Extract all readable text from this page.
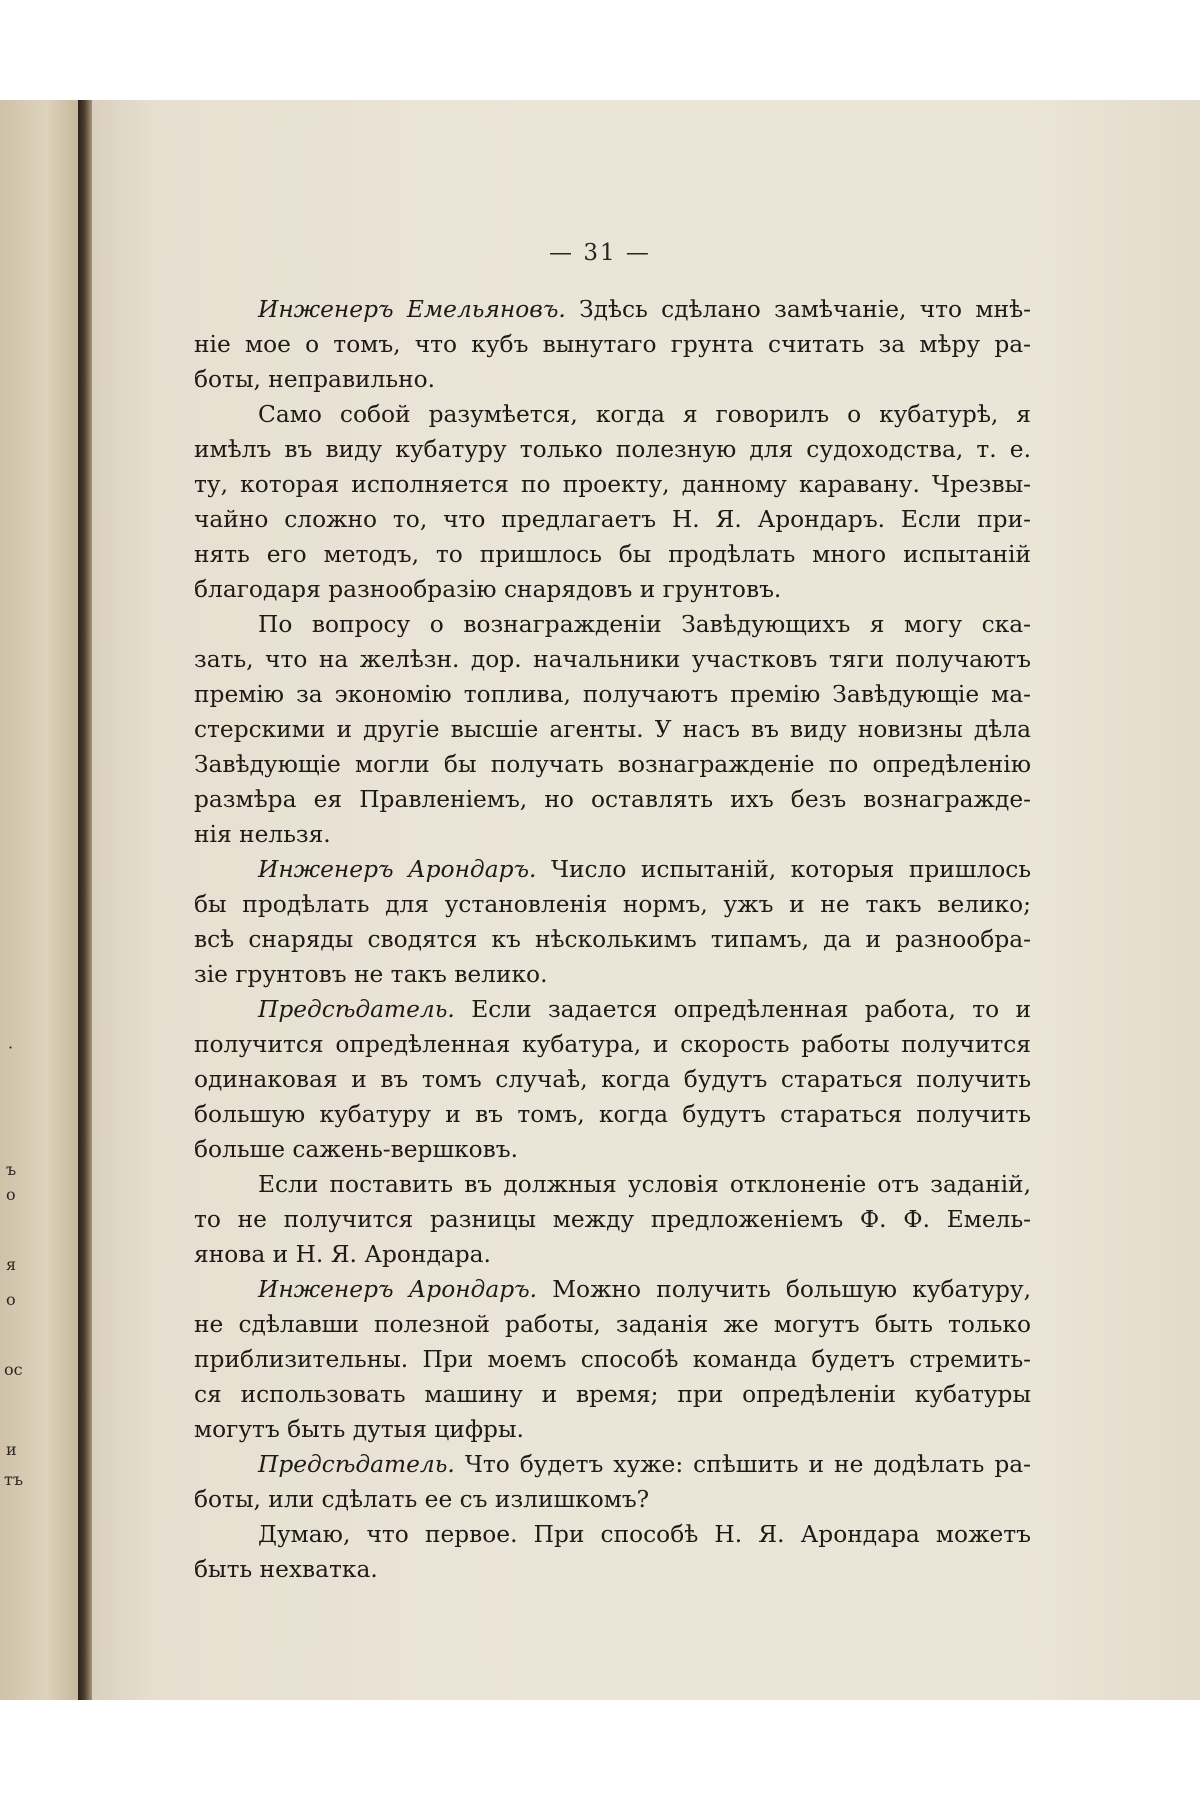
·
ъ
о
я
о
ос
и
тъ
— 31 —
Инженеръ Емельяновъ. Здѣсь сдѣлано замѣчаніе, что мнѣ-
ніе мое о томъ, что кубъ вынутаго грунта считать за мѣру ра-
боты, неправильно.
Само собой разумѣется, когда я говорилъ о кубатурѣ, я
имѣлъ въ виду кубатуру только полезную для судоходства, т. е.
ту, которая исполняется по проекту, данному каравану. Чрезвы-
чайно сложно то, что предлагаетъ Н. Я. Арондаръ. Если при-
нять его методъ, то пришлось бы продѣлать много испытаній
благодаря разнообразію снарядовъ и грунтовъ.
По вопросу о вознагражденіи Завѣдующихъ я могу ска-
зать, что на желѣзн. дор. начальники участковъ тяги получаютъ
премію за экономію топлива, получаютъ премію Завѣдующіе ма-
стерскими и другіе высшіе агенты. У насъ въ виду новизны дѣла
Завѣдующіе могли бы получать вознагражденіе по опредѣленію
размѣра ея Правленіемъ, но оставлять ихъ безъ вознагражде-
нія нельзя.
Инженеръ Арондаръ. Число испытаній, которыя пришлось
бы продѣлать для установленія нормъ, ужъ и не такъ велико;
всѣ снаряды сводятся къ нѣсколькимъ типамъ, да и разнообра-
зіе грунтовъ не такъ велико.
Предсѣдатель. Если задается опредѣленная работа, то и
получится опредѣленная кубатура, и скорость работы получится
одинаковая и въ томъ случаѣ, когда будутъ стараться получить
большую кубатуру и въ томъ, когда будутъ стараться получить
больше сажень-вершковъ.
Если поставить въ должныя условія отклоненіе отъ заданій,
то не получится разницы между предложеніемъ Ф. Ф. Емель-
янова и Н. Я. Арондара.
Инженеръ Арондаръ. Можно получить большую кубатуру,
не сдѣлавши полезной работы, заданія же могутъ быть только
приблизительны. При моемъ способѣ команда будетъ стремить-
ся использовать машину и время; при опредѣленіи кубатуры
могутъ быть дутыя цифры.
Предсѣдатель. Что будетъ хуже: спѣшить и не додѣлать ра-
боты, или сдѣлать ее съ излишкомъ?
Думаю, что первое. При способѣ Н. Я. Арондара можетъ
быть нехватка.
